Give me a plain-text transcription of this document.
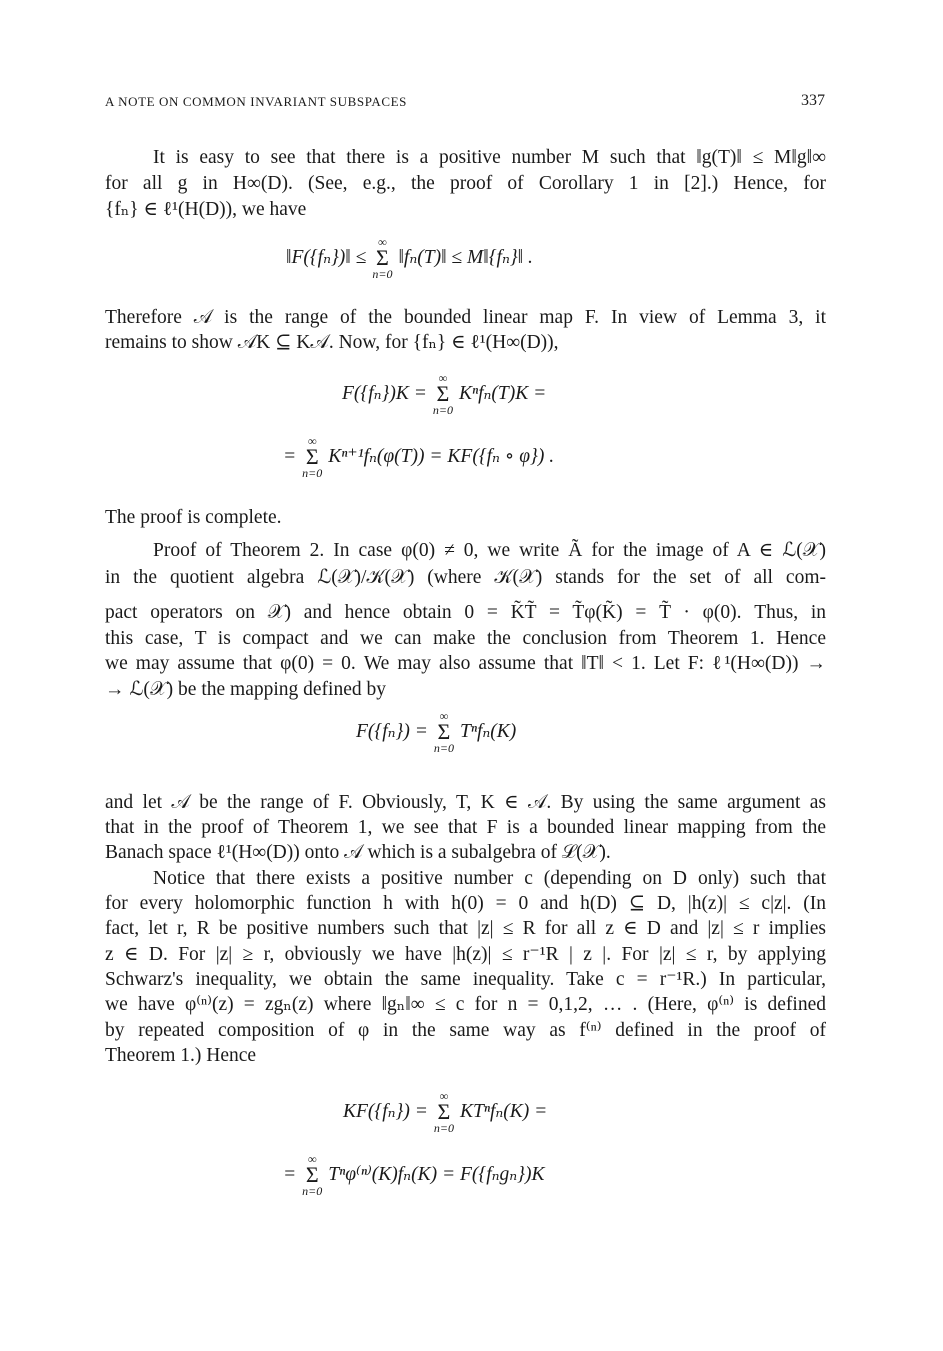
A NOTE ON COMMON INVARIANT SUBSPACES	337
It is easy to see that there is a positive number M such that ‖g(T)‖ ≤ M‖g‖∞
for all g in H∞(D). (See, e.g., the proof of Corollary 1 in [2].) Hence, for
{fₙ} ∈ ℓ¹(H(D)), we have
‖F({fₙ})‖ ≤
∞
Σ
n=0
‖fₙ(T)‖ ≤ M‖{fₙ}‖ .
Therefore 𝒜 is the range of the bounded linear map F. In view of Lemma 3, it
remains to show 𝒜K ⊆ K𝒜. Now, for {fₙ} ∈ ℓ¹(H∞(D)),
F({fₙ})K =
∞
Σ
n=0
Kⁿfₙ(T)K =
=
∞
Σ
n=0
Kⁿ⁺¹fₙ(φ(T)) = KF({fₙ ∘ φ}) .
The proof is complete.
Proof of Theorem 2. In case φ(0) ≠ 0, we write Ã for the image of A ∈ ℒ(𝒳)
in the quotient algebra ℒ(𝒳)/𝒦(𝒳) (where 𝒦(𝒳) stands for the set of all com-
pact operators on 𝒳) and hence obtain 0 = K̃T̃ = T̃φ(K̃) = T̃ · φ(0). Thus, in
this case, T is compact and we can make the conclusion from Theorem 1. Hence
we may assume that φ(0) = 0. We may also assume that ‖T‖ < 1. Let F: ℓ¹(H∞(D)) →
→ ℒ(𝒳) be the mapping defined by
F({fₙ}) =
∞
Σ
n=0
Tⁿfₙ(K)
and let 𝒜 be the range of F. Obviously, T, K ∈ 𝒜. By using the same argument as
that in the proof of Theorem 1, we see that F is a bounded linear mapping from the
Banach space ℓ¹(H∞(D)) onto 𝒜 which is a subalgebra of ℒ(𝒳).
Notice that there exists a positive number c (depending on D only) such that
for every holomorphic function h with h(0) = 0 and h(D) ⊆ D, |h(z)| ≤ c|z|. (In
fact, let r, R be positive numbers such that |z| ≤ R for all z ∈ D and |z| ≤ r implies
z ∈ D. For |z| ≥ r, obviously we have |h(z)| ≤ r⁻¹R | z |. For |z| ≤ r, by applying
Schwarz's inequality, we obtain the same inequality. Take c = r⁻¹R.) In particular,
we have φ⁽ⁿ⁾(z) = zgₙ(z) where ‖gₙ‖∞ ≤ c for n = 0,1,2, … . (Here, φ⁽ⁿ⁾ is defined
by repeated composition of φ in the same way as f⁽ⁿ⁾ defined in the proof of
Theorem 1.) Hence
KF({fₙ}) =
∞
Σ
n=0
KTⁿfₙ(K) =
=
∞
Σ
n=0
Tⁿφ⁽ⁿ⁾(K)fₙ(K) = F({fₙgₙ})K
